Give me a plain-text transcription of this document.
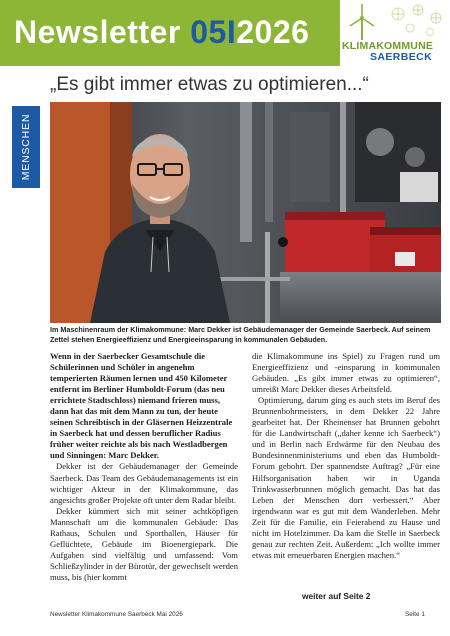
Newsletter 05I2026	KLIMAKOMMUNE
SAERBECK
„Es gibt immer etwas zu optimieren...“
MENSCHEN
Im Maschinenraum der Klimakommune: Marc Dekker ist Gebäudemanager der Gemeinde Saerbeck. Auf seinem Zettel stehen Energieeffizienz und Energieeinsparung in kommunalen Gebäuden.

Wenn in der Saerbecker Gesamtschule die Schülerinnen und Schüler in angenehm temperierten Räumen lernen und 450 Kilometer entfernt im Berliner Humboldt-Forum (das neu errichtete Stadtschloss) niemand frieren muss, dann hat das mit dem Mann zu tun, der heute seinen Schreibtisch in der Gläsernen Heizzentrale in Saerbeck hat und dessen beruflicher Radius früher weiter reichte als bis nach Westladbergen und Sinningen: Marc Dekker.

Dekker ist der Gebäudemanager der Gemeinde Saerbeck. Das Team des Gebäudemanagements ist ein wichtiger Akteur in der Klimakommune, das angesichts großer Projekte oft unter dem Radar bleibt.

Dekker kümmert sich mit seiner achtköpfigen Mannschaft um die kommunalen Gebäude: Das Rathaus, Schulen und Sporthallen, Häuser für Geflüchtete, Gebäude im Bioenergiepark. Die Aufgaben sind vielfältig und umfassend: Vom Schließzylinder in der Bürotür, der gewechselt werden muss, bis (hier kommt

die Klimakommune ins Spiel) zu Fragen rund um Energieeffizienz und -einsparung in kommunalen Gebäuden. „Es gibt immer etwas zu optimieren“, umreißt Marc Dekker dieses Arbeitsfeld.

Optimierung, darum ging es auch stets im Beruf des Brunnenbohrmeisters, in dem Dekker 22 Jahre gearbeitet hat. Der Rheinenser hat Brunnen gebohrt für die Landwirtschaft („daher kenne ich Saerbeck“) und in Berlin nach Erdwärme für den Neubau des Bundesinnenministeriums und eben das Humboldt-Forum gebohrt. Der spannendste Auftrag? „Für eine Hilfsorganisation haben wir in Uganda Trinkwasserbrunnen möglich gemacht. Das hat das Leben der Menschen dort verbessert.“ Aber irgendwann war es gut mit dem Wanderleben. Mehr Zeit für die Familie, ein Feierabend zu Hause und nicht im Hotelzimmer. Da kam die Stelle in Saerbeck genau zur rechten Zeit. Außerdem: „Ich wollte immer etwas mit erneuerbaren Energien machen.“

weiter auf Seite 2
Newsletter Klimakommune Saerbeck Mai 2026	Seite 1
